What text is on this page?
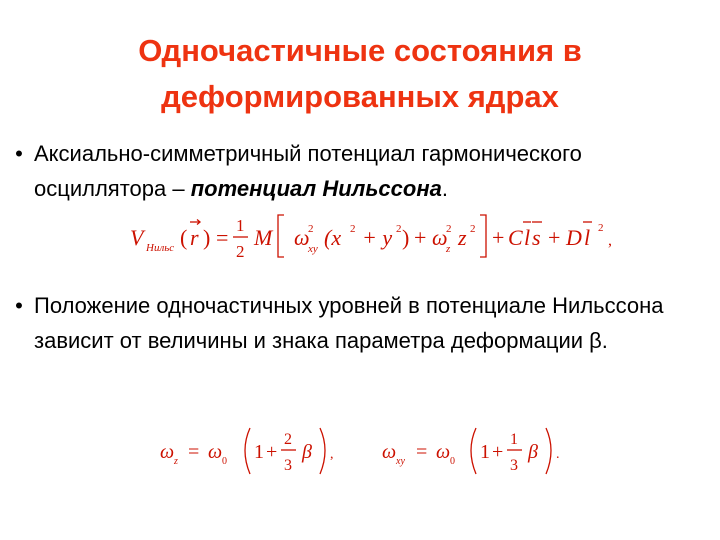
Одночастичные состояния в
деформированных ядрах
• Аксиально-симметричный потенциал гармонического осциллятора – потенциал Нильссона.
V Нильс ( r ) = 1
2
M ω
xy
2 (x 2 + y 2 ) + ω
z
2 z 2 + C l s + D l 2
,
• Положение одночастичных уровней в потенциале Нильссона зависит от величины и знака параметра деформации β.
ω z = ω 0 1 +
2
3
β , ω xy = ω 0 1 +
1
3
β .
